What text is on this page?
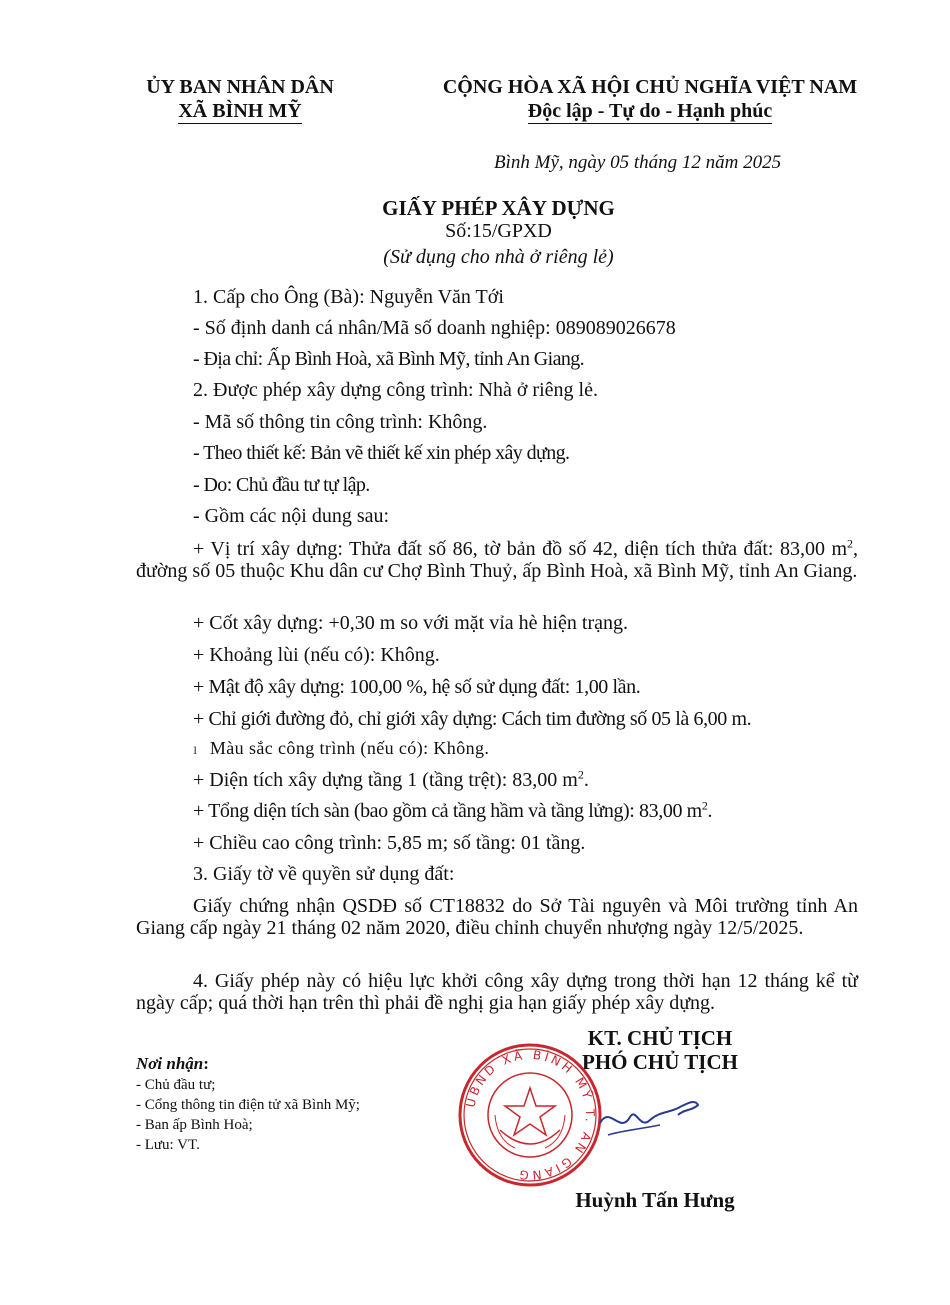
ỦY BAN NHÂN DÂN
XÃ BÌNH MỸ
CỘNG HÒA XÃ HỘI CHỦ NGHĨA VIỆT NAM
Độc lập - Tự do - Hạnh phúc
Bình Mỹ, ngày 05 tháng 12 năm 2025
GIẤY PHÉP XÂY DỰNG
Số:15/GPXD
(Sử dụng cho nhà ở riêng lẻ)
1. Cấp cho Ông (Bà): Nguyễn Văn Tới
- Số định danh cá nhân/Mã số doanh nghiệp: 089089026678
- Địa chỉ: Ấp Bình Hoà, xã Bình Mỹ, tỉnh An Giang.
2. Được phép xây dựng công trình: Nhà ở riêng lẻ.
- Mã số thông tin công trình: Không.
- Theo thiết kế: Bản vẽ thiết kế xin phép xây dựng.
- Do: Chủ đầu tư tự lập.
- Gồm các nội dung sau:
+ Vị trí xây dựng: Thửa đất số 86, tờ bản đồ số 42, diện tích thửa đất: 83,00 $m^2$, đường số 05 thuộc Khu dân cư Chợ Bình Thuỷ, ấp Bình Hoà, xã Bình Mỹ, tỉnh An Giang.
+ Cốt xây dựng: +0,30 m so với mặt vỉa hè hiện trạng.
+ Khoảng lùi (nếu có): Không.
+ Mật độ xây dựng: 100,00 %, hệ số sử dụng đất: 1,00 lần.
+ Chỉ giới đường đỏ, chỉ giới xây dựng: Cách tim đường số 05 là 6,00 m.
ı Màu sắc công trình (nếu có): Không.
+ Diện tích xây dựng tầng 1 (tầng trệt): 83,00 $m^2$.
+ Tổng diện tích sàn (bao gồm cả tầng hầm và tầng lửng): 83,00 $m^2$.
+ Chiều cao công trình: 5,85 m; số tầng: 01 tầng.
3. Giấy tờ về quyền sử dụng đất:
Giấy chứng nhận QSDĐ số CT18832 do Sở Tài nguyên và Môi trường tỉnh An Giang cấp ngày 21 tháng 02 năm 2020, điều chỉnh chuyển nhượng ngày 12/5/2025.
4. Giấy phép này có hiệu lực khởi công xây dựng trong thời hạn 12 tháng kể từ ngày cấp; quá thời hạn trên thì phải đề nghị gia hạn giấy phép xây dựng.
Nơi nhận:
- Chủ đầu tư;
- Cổng thông tin điện tử xã Bình Mỹ;
- Ban ấp Bình Hoà;
- Lưu: VT.
KT. CHỦ TỊCH
PHÓ CHỦ TỊCH
UBND XÃ BÌNH MỸ T. AN GIANG
Huỳnh Tấn Hưng
